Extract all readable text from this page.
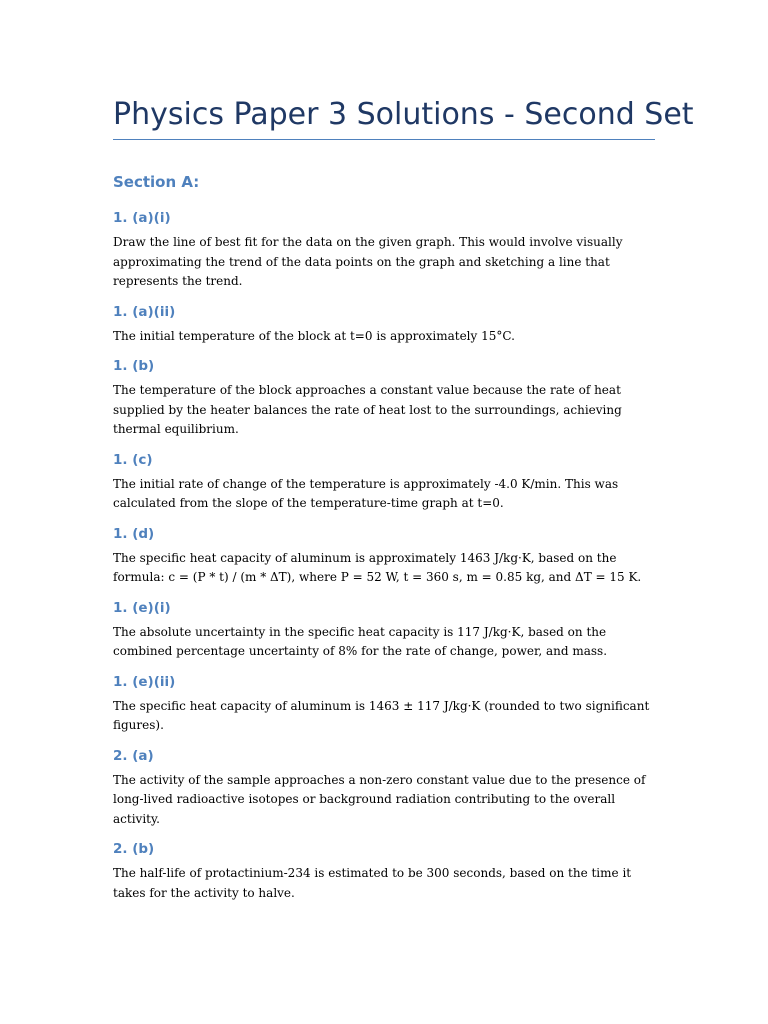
Physics Paper 3 Solutions - Second Set
Section A:
1. (a)(i)

Draw the line of best fit for the data on the given graph. This would involve visually approximating the trend of the data points on the graph and sketching a line that represents the trend.

1. (a)(ii)

The initial temperature of the block at t=0 is approximately 15°C.

1. (b)

The temperature of the block approaches a constant value because the rate of heat supplied by the heater balances the rate of heat lost to the surroundings, achieving thermal equilibrium.

1. (c)

The initial rate of change of the temperature is approximately -4.0 K/min. This was calculated from the slope of the temperature-time graph at t=0.

1. (d)

The specific heat capacity of aluminum is approximately 1463 J/kg·K, based on the formula: c = (P * t) / (m * ΔT), where P = 52 W, t = 360 s, m = 0.85 kg, and ΔT = 15 K.

1. (e)(i)

The absolute uncertainty in the specific heat capacity is 117 J/kg·K, based on the combined percentage uncertainty of 8% for the rate of change, power, and mass.

1. (e)(ii)

The specific heat capacity of aluminum is 1463 ± 117 J/kg·K (rounded to two significant figures).

2. (a)

The activity of the sample approaches a non-zero constant value due to the presence of long-lived radioactive isotopes or background radiation contributing to the overall activity.

2. (b)

The half-life of protactinium-234 is estimated to be 300 seconds, based on the time it takes for the activity to halve.
